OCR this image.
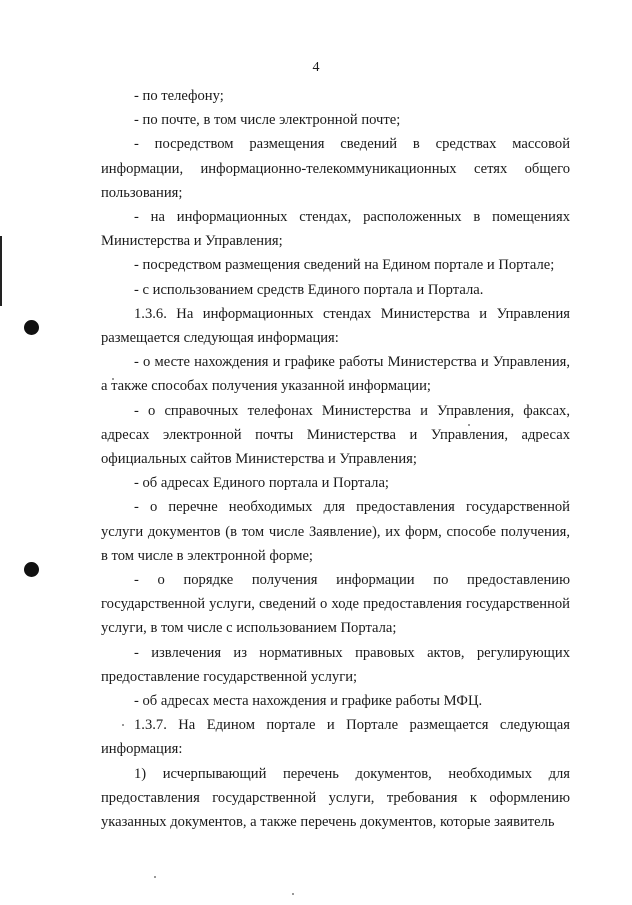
4

- по телефону;

- по почте, в том числе электронной почте;

- посредством размещения сведений в средствах массовой информации, информационно-телекоммуникационных сетях общего пользования;

- на информационных стендах, расположенных в помещениях Министерства и Управления;

- посредством размещения сведений на Едином портале и Портале;

- с использованием средств Единого портала и Портала.

1.3.6. На информационных стендах Министерства и Управления размещается следующая информация:

- о месте нахождения и графике работы Министерства и Управления, а также способах получения указанной информации;

- о справочных телефонах Министерства и Управления, факсах, адресах электронной почты Министерства и Управления, адресах официальных сайтов Министерства и Управления;

- об адресах Единого портала и Портала;

- о перечне необходимых для предоставления государственной услуги документов (в том числе Заявление), их форм, способе получения, в том числе в электронной форме;

- о порядке получения информации по предоставлению государственной услуги, сведений о ходе предоставления государственной услуги, в том числе с использованием Портала;

- извлечения из нормативных правовых актов, регулирующих предоставление государственной услуги;

- об адресах места нахождения и графике работы МФЦ.

1.3.7. На Едином портале и Портале размещается следующая информация:

1) исчерпывающий перечень документов, необходимых для предоставления государственной услуги, требования к оформлению указанных документов, а также перечень документов, которые заявитель
